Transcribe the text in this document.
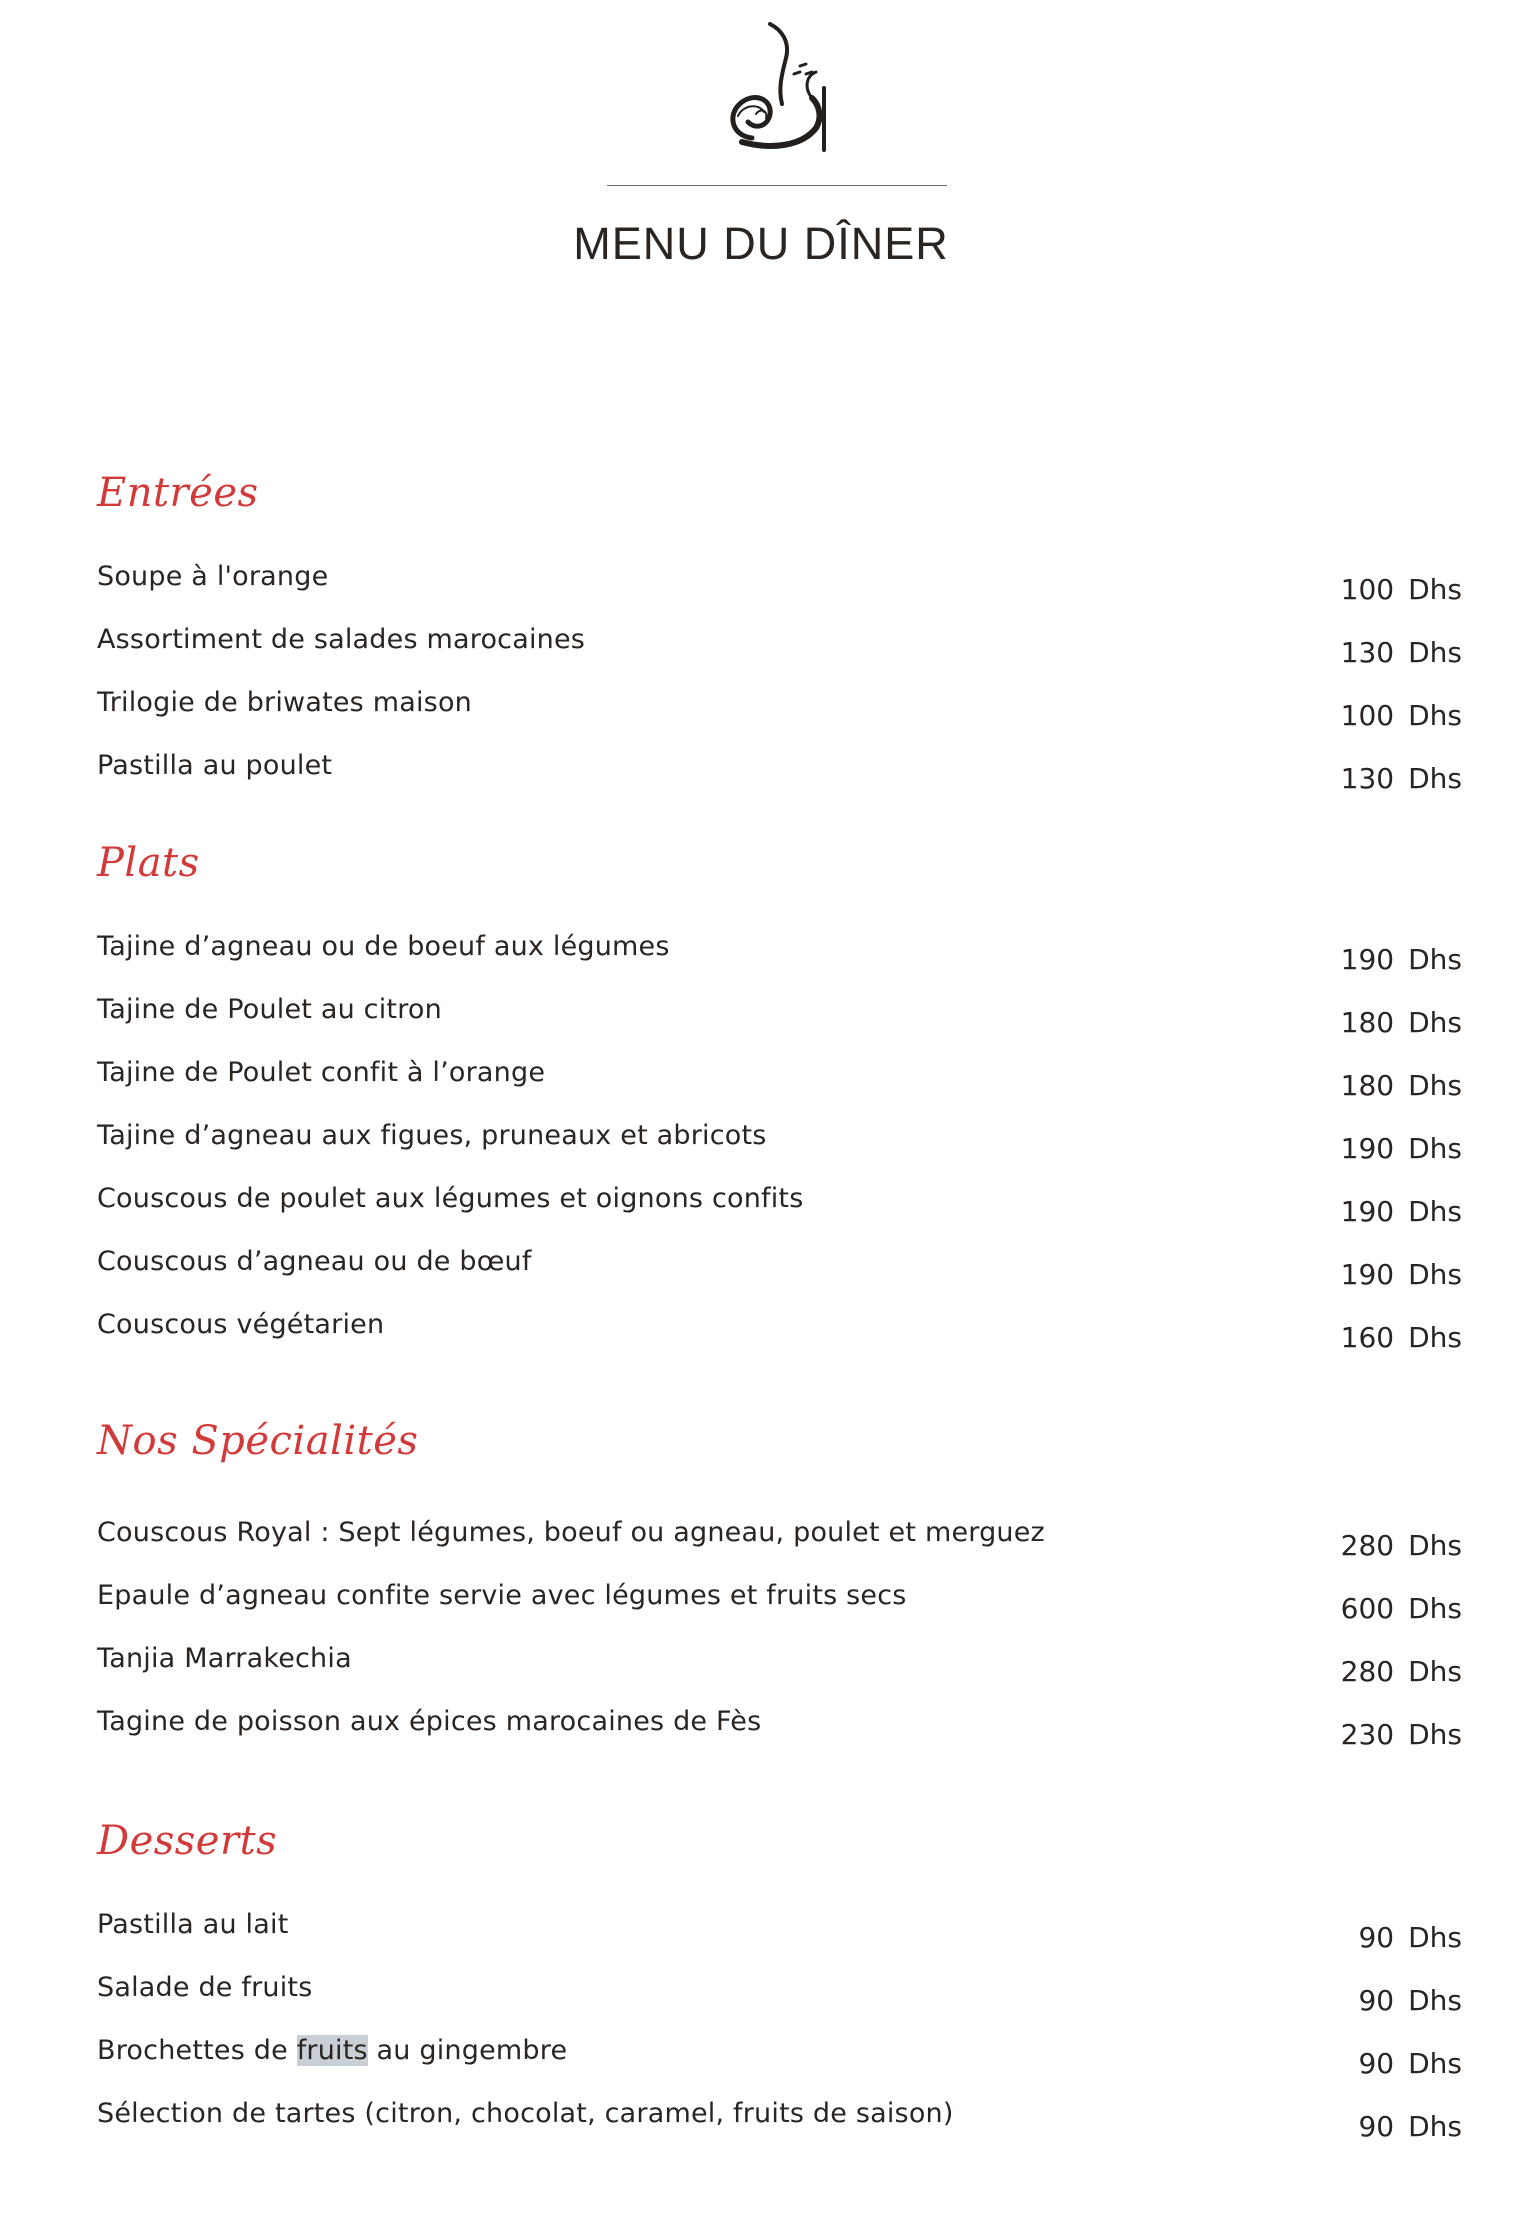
MENU DU DÎNER
Entrées
Soupe à l'orange	100 Dhs
Assortiment de salades marocaines	130 Dhs
Trilogie de briwates maison	100 Dhs
Pastilla au poulet	130 Dhs
Plats
Tajine d’agneau ou de boeuf aux légumes	190 Dhs
Tajine de Poulet au citron	180 Dhs
Tajine de Poulet confit à l’orange	180 Dhs
Tajine d’agneau aux figues, pruneaux et abricots	190 Dhs
Couscous de poulet aux légumes et oignons confits	190 Dhs
Couscous d’agneau ou de bœuf	190 Dhs
Couscous végétarien	160 Dhs
Nos Spécialités
Couscous Royal : Sept légumes, boeuf ou agneau, poulet et merguez	280 Dhs
Epaule d’agneau confite servie avec légumes et fruits secs	600 Dhs
Tanjia Marrakechia	280 Dhs
Tagine de poisson aux épices marocaines de Fès	230 Dhs
Desserts
Pastilla au lait	90 Dhs
Salade de fruits	90 Dhs
Brochettes de fruits au gingembre	90 Dhs
Sélection de tartes (citron, chocolat, caramel, fruits de saison)	90 Dhs
